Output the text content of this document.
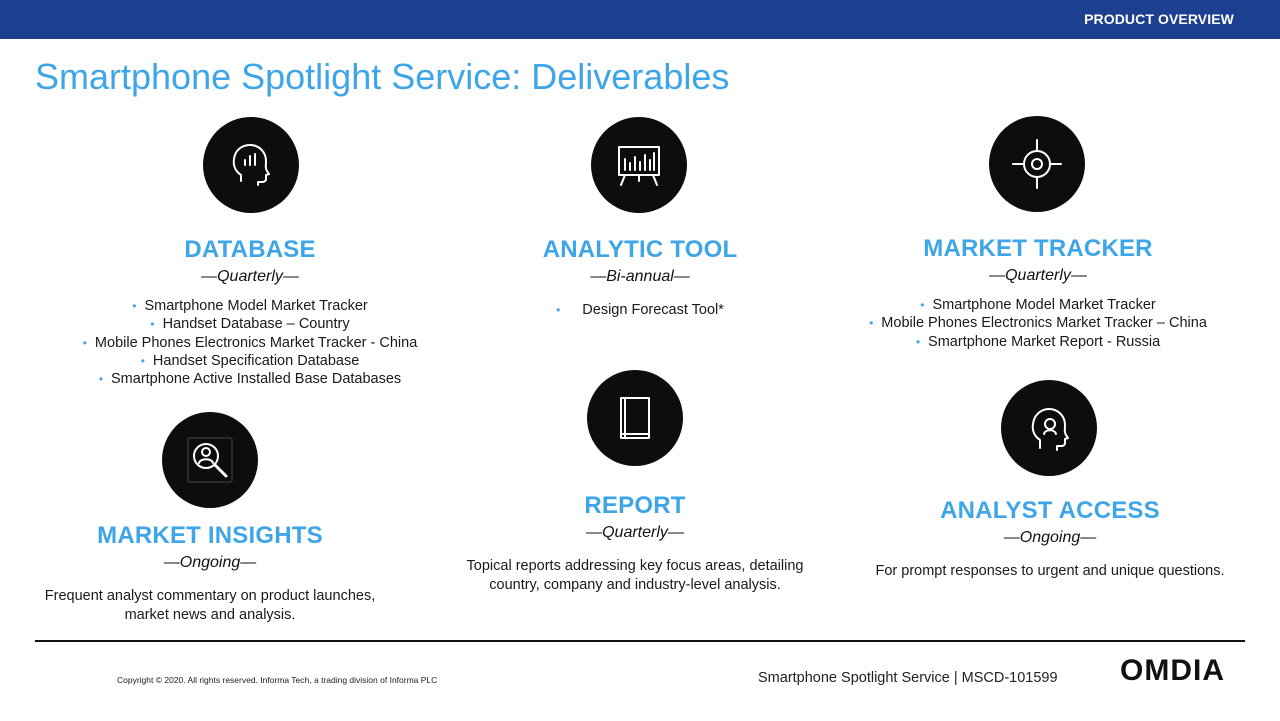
PRODUCT OVERVIEW
Smartphone Spotlight Service: Deliverables
DATABASE
—Quarterly—
• Smartphone Model Market Tracker
• Handset Database – Country
• Mobile Phones Electronics Market Tracker - China
• Handset Specification Database
• Smartphone Active Installed Base Databases
ANALYTIC TOOL
—Bi-annual—
• Design Forecast Tool*
MARKET TRACKER
—Quarterly—
• Smartphone Model Market Tracker
• Mobile Phones Electronics Market Tracker – China
• Smartphone Market Report - Russia
MARKET INSIGHTS
—Ongoing—
Frequent analyst commentary on product launches, market news and analysis.
REPORT
—Quarterly—
Topical reports addressing key focus areas, detailing country, company and industry-level analysis.
ANALYST ACCESS
—Ongoing—
For prompt responses to urgent and unique questions.
Copyright © 2020. All rights reserved. Informa Tech, a trading division of Informa PLC	Smartphone Spotlight Service | MSCD-101599 OMDIA
